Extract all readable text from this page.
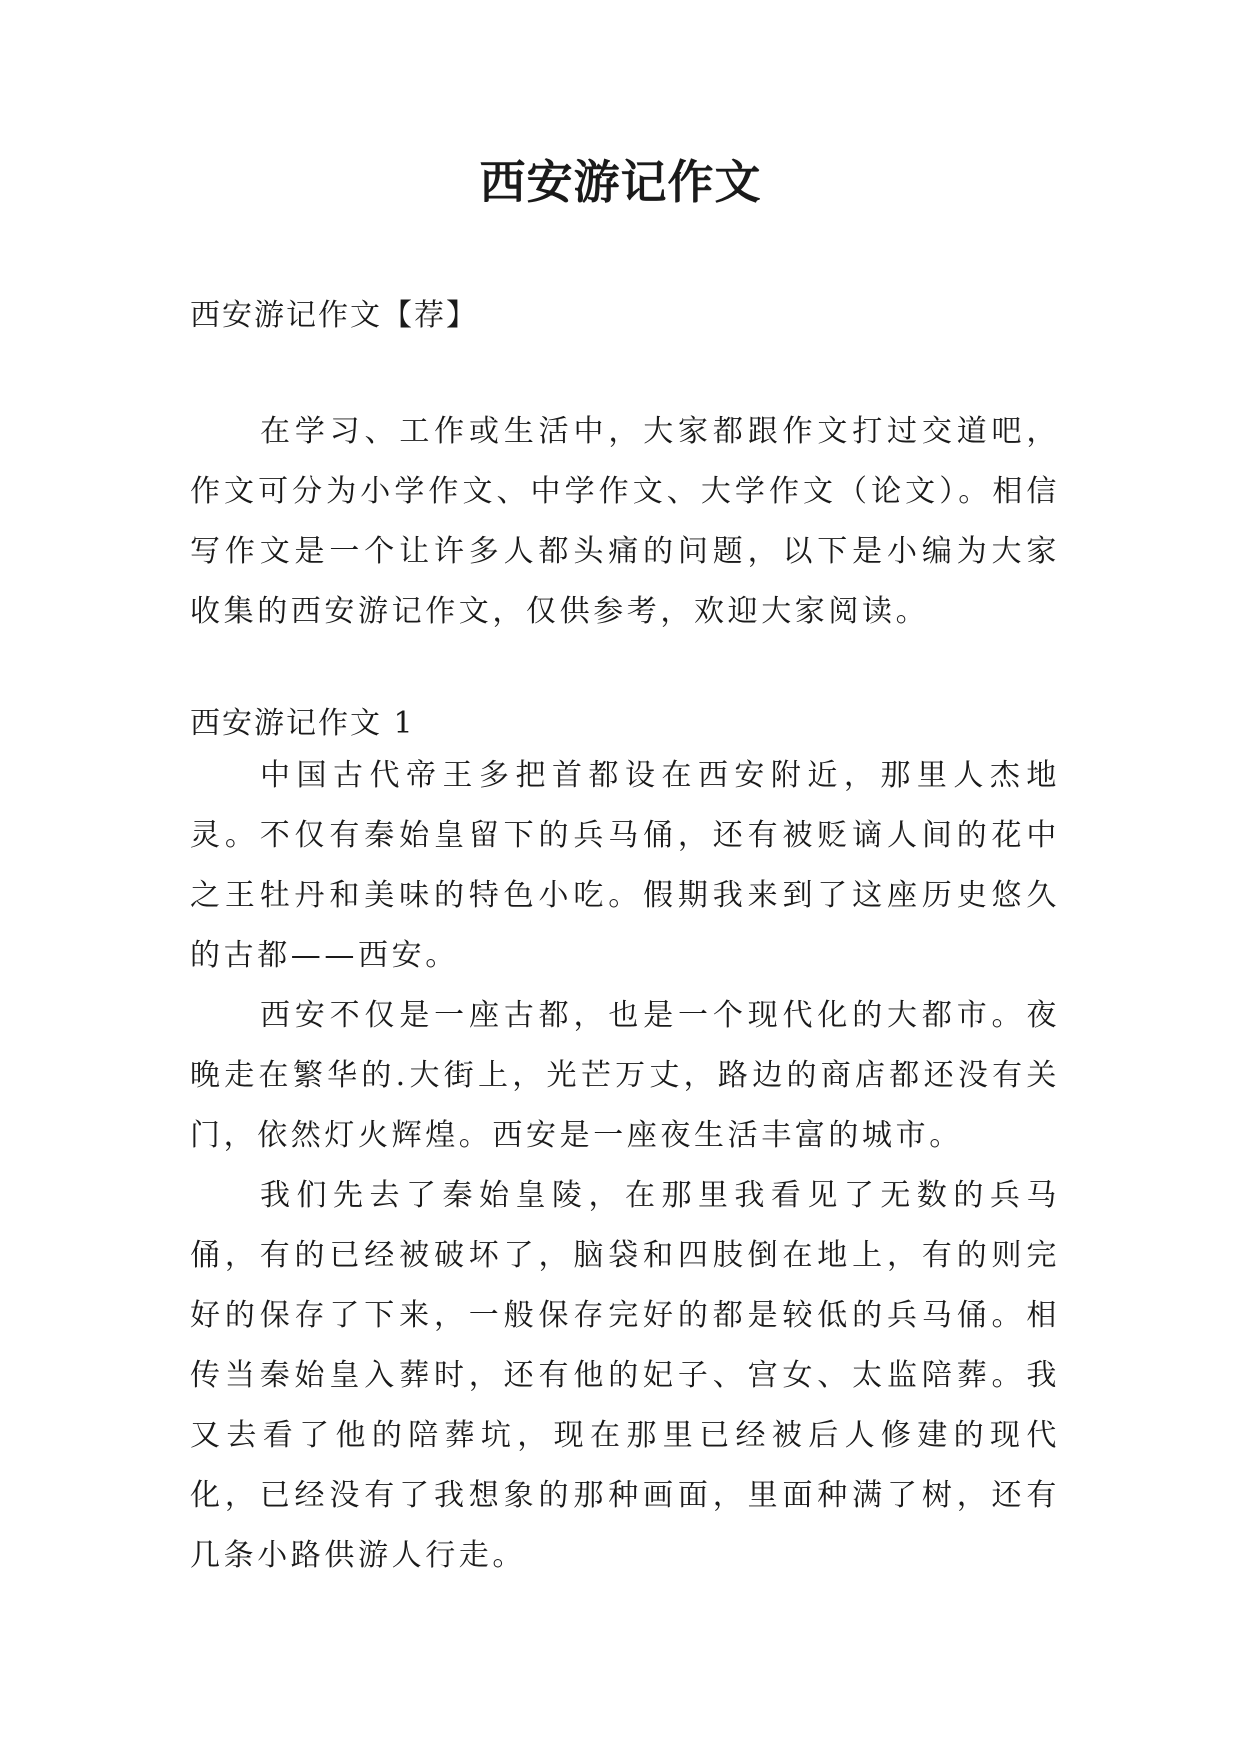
西安游记作文

西安游记作文【荐】

在学习、工作或生活中，大家都跟作文打过交道吧，作文可分为小学作文、中学作文、大学作文（论文）。相信写作文是一个让许多人都头痛的问题，以下是小编为大家收集的西安游记作文，仅供参考，欢迎大家阅读。

西安游记作文 1

中国古代帝王多把首都设在西安附近，那里人杰地灵。不仅有秦始皇留下的兵马俑，还有被贬谪人间的花中之王牡丹和美味的特色小吃。假期我来到了这座历史悠久的古都——西安。

西安不仅是一座古都，也是一个现代化的大都市。夜晚走在繁华的.大街上，光芒万丈，路边的商店都还没有关门，依然灯火辉煌。西安是一座夜生活丰富的城市。

我们先去了秦始皇陵，在那里我看见了无数的兵马俑，有的已经被破坏了，脑袋和四肢倒在地上，有的则完好的保存了下来，一般保存完好的都是较低的兵马俑。相传当秦始皇入葬时，还有他的妃子、宫女、太监陪葬。我又去看了他的陪葬坑，现在那里已经被后人修建的现代化，已经没有了我想象的那种画面，里面种满了树，还有几条小路供游人行走。
